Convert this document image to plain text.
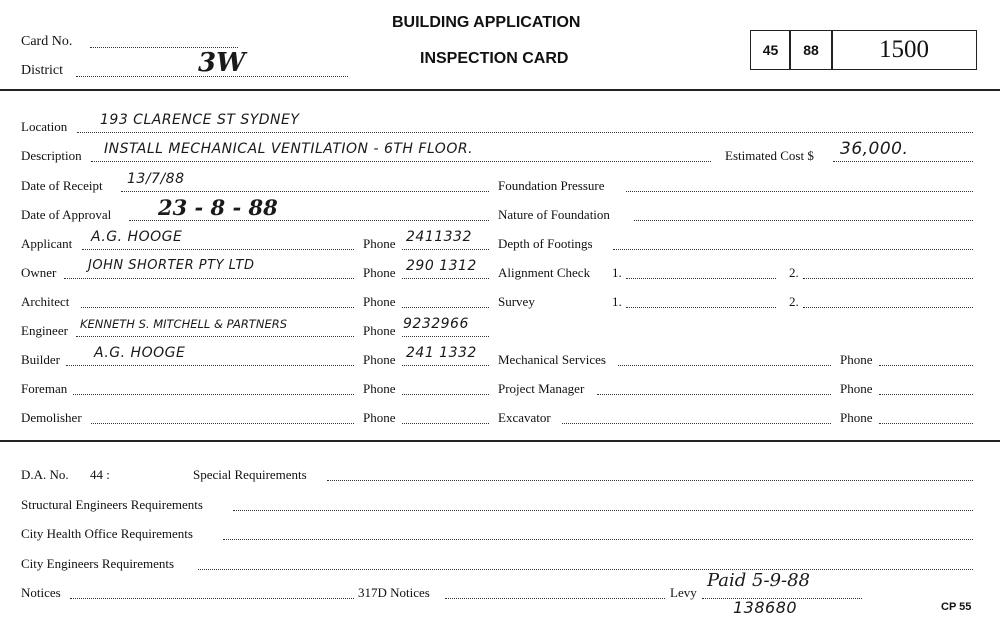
Card No.
District	3W
BUILDING APPLICATION
INSPECTION CARD	45 88 1500
Location 193 CLARENCE ST SYDNEY
Description INSTALL MECHANICAL VENTILATION - 6TH FLOOR.	Estimated Cost $ 36,000.
Date of Receipt 13/7/88
Date of Approval 23 - 8 - 88
Applicant A.G. HOOGE	Phone 2411332
Owner JOHN SHORTER PTY LTD	Phone 290 1312
Architect	Phone
Engineer KENNETH S. MITCHELL & PARTNERS	Phone 9232966
Builder A.G. HOOGE	Phone 241 1332
Foreman	Phone
Demolisher	Phone
Foundation Pressure
Nature of Foundation
Depth of Footings
Alignment Check 1.	2.
Survey	1.	2.
Mechanical Services	Phone
Project Manager	Phone
Excavator	Phone
D.A. No. 44 :	Special Requirements
Structural Engineers Requirements
City Health Office Requirements
City Engineers Requirements
Notices	317D Notices	Levy
Paid 5-9-88
138680	CP 55
